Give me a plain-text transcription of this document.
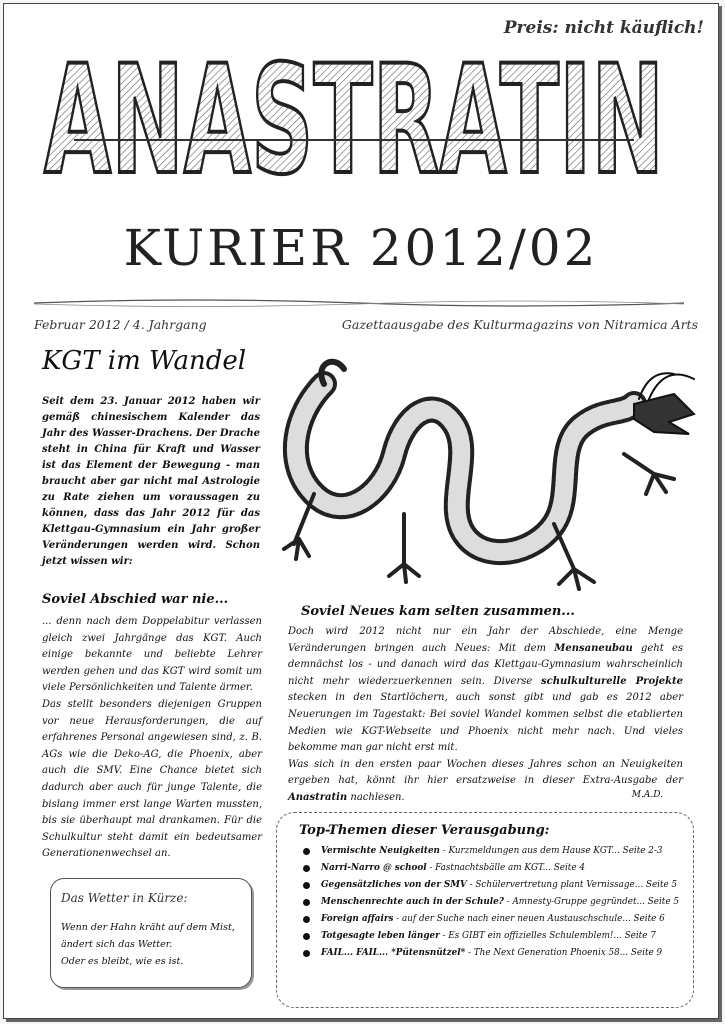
Preis: nicht käuflich!
ANASTRATIN
KURIER 2012/02
Februar 2012 / 4. Jahrgang	Gazettaausgabe des Kulturmagazins von Nitramica Arts
KGT im Wandel
Seit dem 23. Januar 2012 haben wir gemäß chinesischem Kalender das Jahr des Wasser-Drachens. Der Drache steht in China für Kraft und Wasser ist das Element der Bewegung - man braucht aber gar nicht mal Astrologie zu Rate ziehen um voraussagen zu können, dass das Jahr 2012 für das Klettgau-Gymnasium ein Jahr großer Veränderungen werden wird. Schon jetzt wissen wir:
Soviel Abschied war nie...

... denn nach dem Doppelabitur verlassen gleich zwei Jahrgänge das KGT. Auch einige bekannte und beliebte Lehrer werden gehen und das KGT wird somit um viele Persönlichkeiten und Talente ärmer.

Das stellt besonders diejenigen Gruppen vor neue Herausforderungen, die auf erfahrenes Personal angewiesen sind, z. B. AGs wie die Deko-AG, die Phoenix, aber auch die SMV. Eine Chance bietet sich dadurch aber auch für junge Talente, die bislang immer erst lange Warten mussten, bis sie überhaupt mal drankamen. Für die Schulkultur steht damit ein bedeutsamer Generationenwechsel an.

Soviel Neues kam selten zusammen...

Doch wird 2012 nicht nur ein Jahr der Abschiede, eine Menge Veränderungen bringen auch Neues: Mit dem Mensaneubau geht es demnächst los - und danach wird das Klettgau-Gymnasium wahrscheinlich nicht mehr wiederzuerkennen sein. Diverse schulkulturelle Projekte stecken in den Startlöchern, auch sonst gibt und gab es 2012 aber Neuerungen im Tagestakt: Bei soviel Wandel kommen selbst die etablierten Medien wie KGT-Webseite und Phoenix nicht mehr nach. Und vieles bekomme man gar nicht erst mit.

Was sich in den ersten paar Wochen dieses Jahres schon an Neuigkeiten ergeben hat, könnt ihr hier ersatzweise in dieser Extra-Ausgabe der Anastratin nachlesen.	M.A.D.
Das Wetter in Kürze:
Wenn der Hahn kräht auf dem Mist,
ändert sich das Wetter.
Oder es bleibt, wie es ist.
Top-Themen dieser Verausgabung:
Vermischte Neuigkeiten - Kurzmeldungen aus dem Hause KGT... Seite 2-3
Narri-Narro @ school - Fastnachtsbälle am KGT... Seite 4
Gegensätzliches von der SMV - Schülervertretung plant Vernissage... Seite 5
Menschenrechte auch in der Schule? - Amnesty-Gruppe gegründet... Seite 5
Foreign affairs - auf der Suche nach einer neuen Austauschschule... Seite 6
Totgesagte leben länger - Es GIBT ein offizielles Schulemblem!... Seite 7
FAIL... FAIL... *Pütensnützel* - The Next Generation Phoenix 58... Seite 9
